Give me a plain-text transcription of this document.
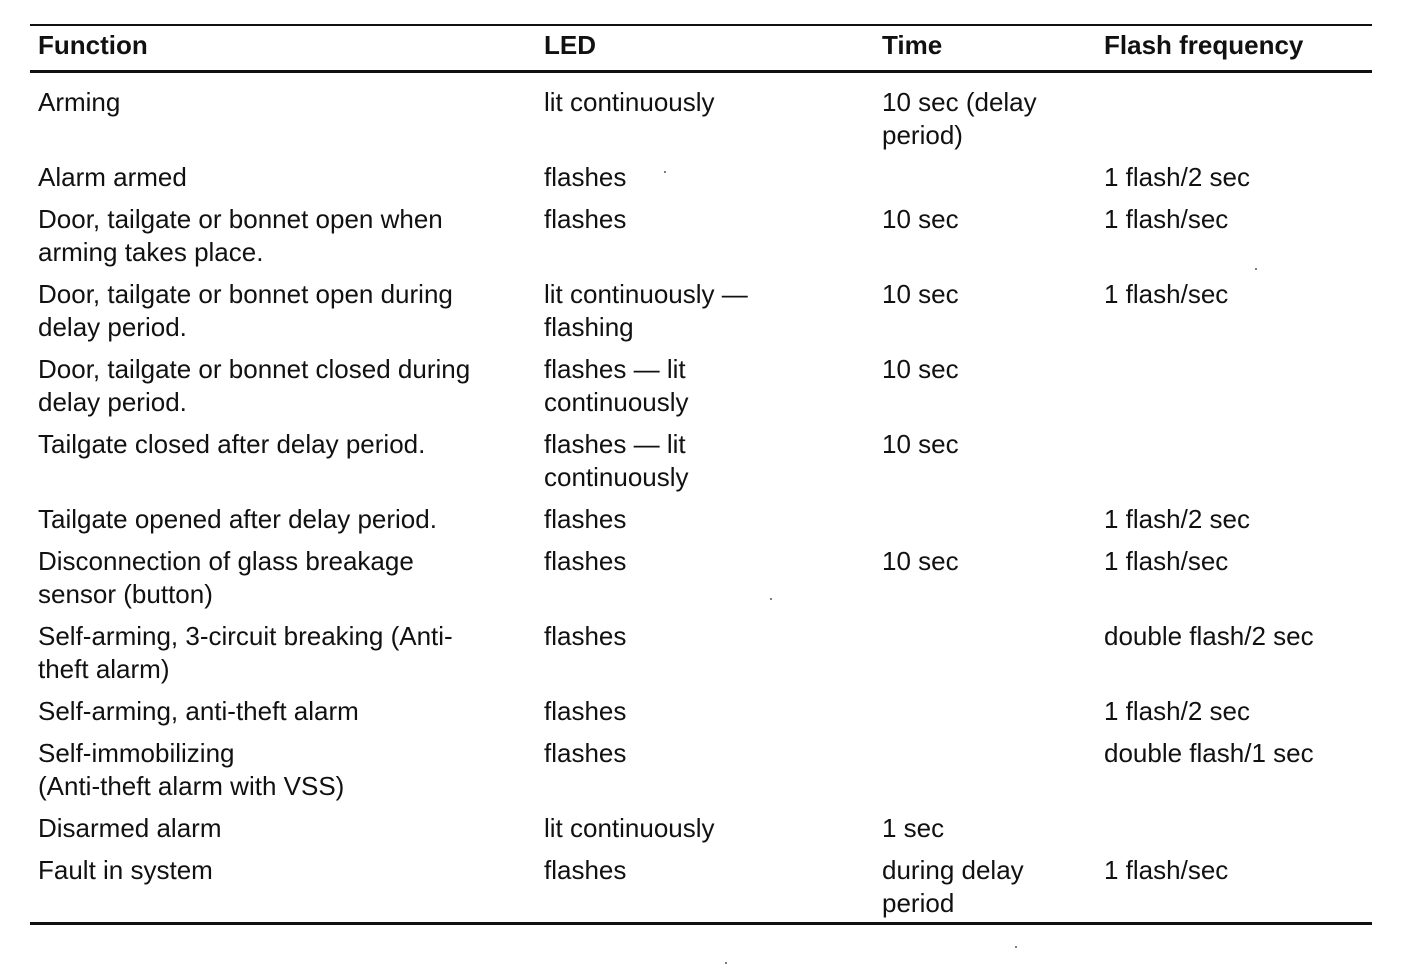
Function	LED	Time	Flash frequency

Arming	lit continuously	10 sec (delay
period)	
Alarm armed	flashes		1 flash/2 sec
Door, tailgate or bonnet open when
arming takes place.	flashes	10 sec	1 flash/sec
Door, tailgate or bonnet open during
delay period.	lit continuously —
flashing	10 sec	1 flash/sec
Door, tailgate or bonnet closed during
delay period.	flashes — lit
continuously	10 sec	
Tailgate closed after delay period.	flashes — lit
continuously	10 sec	
Tailgate opened after delay period.	flashes		1 flash/2 sec
Disconnection of glass breakage
sensor (button)	flashes	10 sec	1 flash/sec
Self-arming, 3-circuit breaking (Anti-
theft alarm)	flashes		double flash/2 sec
Self-arming, anti-theft alarm	flashes		1 flash/2 sec
Self-immobilizing
(Anti-theft alarm with VSS)	flashes		double flash/1 sec
Disarmed alarm	lit continuously	1 sec	
Fault in system	flashes	during delay
period	1 flash/sec
